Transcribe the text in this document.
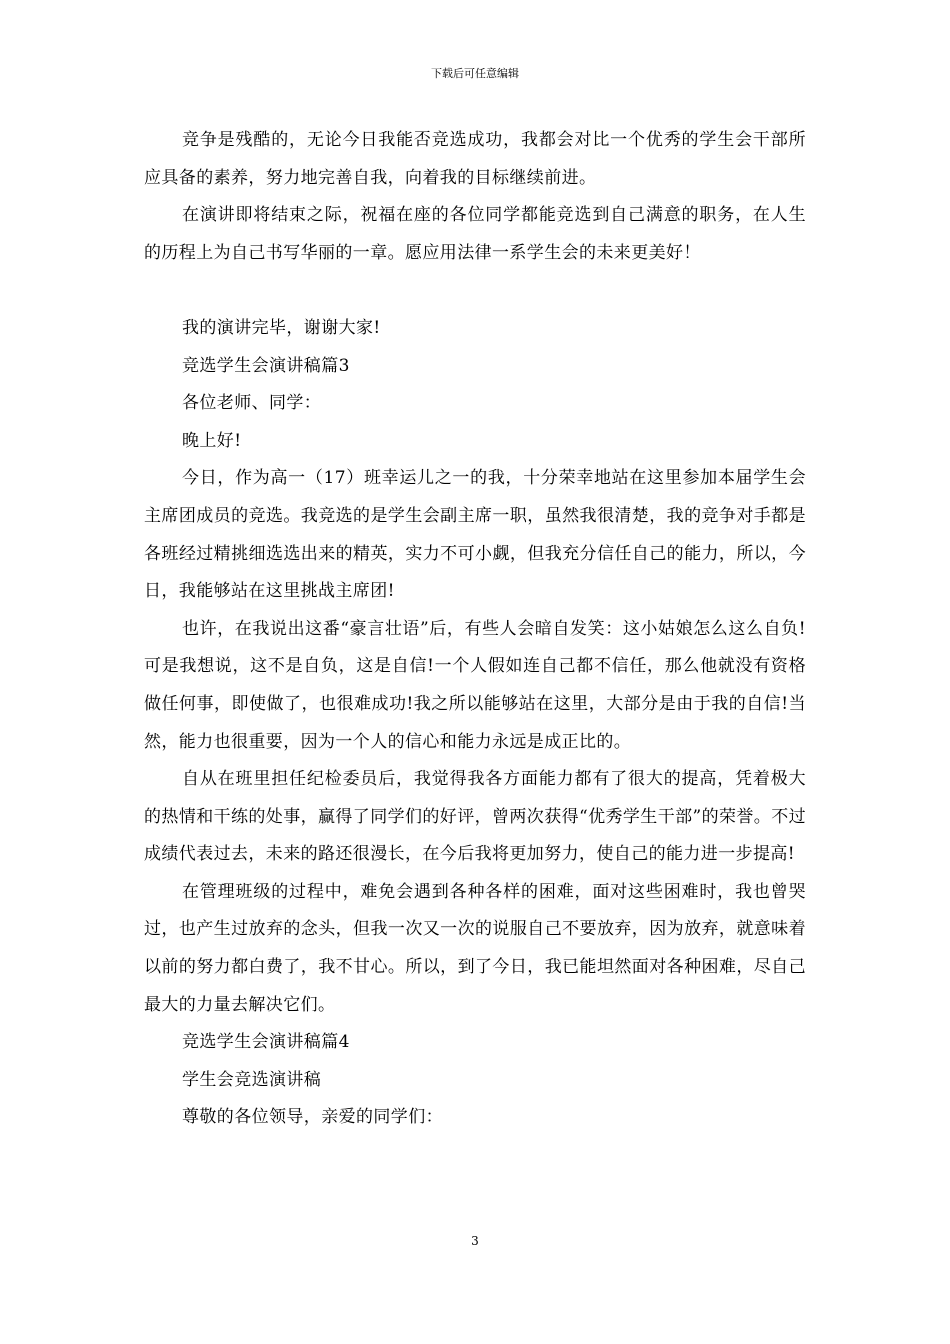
下载后可任意编辑

竞争是残酷的，无论今日我能否竞选成功，我都会对比一个优秀的学生会干部所应具备的素养，努力地完善自我，向着我的目标继续前进。

在演讲即将结束之际，祝福在座的各位同学都能竞选到自己满意的职务，在人生的历程上为自己书写华丽的一章。愿应用法律一系学生会的未来更美好！

我的演讲完毕，谢谢大家!

竞选学生会演讲稿篇3

各位老师、同学：

晚上好!

今日，作为高一（17）班幸运儿之一的我，十分荣幸地站在这里参加本届学生会主席团成员的竞选。我竞选的是学生会副主席一职，虽然我很清楚，我的竞争对手都是各班经过精挑细选选出来的精英，实力不可小觑，但我充分信任自己的能力，所以，今日，我能够站在这里挑战主席团!

也许，在我说出这番“豪言壮语”后，有些人会暗自发笑：这小姑娘怎么这么自负!可是我想说，这不是自负，这是自信!一个人假如连自己都不信任，那么他就没有资格做任何事，即使做了，也很难成功!我之所以能够站在这里，大部分是由于我的自信!当然，能力也很重要，因为一个人的信心和能力永远是成正比的。

自从在班里担任纪检委员后，我觉得我各方面能力都有了很大的提高，凭着极大的热情和干练的处事，赢得了同学们的好评，曾两次获得“优秀学生干部”的荣誉。不过成绩代表过去，未来的路还很漫长，在今后我将更加努力，使自己的能力进一步提高!

在管理班级的过程中，难免会遇到各种各样的困难，面对这些困难时，我也曾哭过，也产生过放弃的念头，但我一次又一次的说服自己不要放弃，因为放弃，就意味着以前的努力都白费了，我不甘心。所以，到了今日，我已能坦然面对各种困难，尽自己最大的力量去解决它们。

竞选学生会演讲稿篇4

学生会竞选演讲稿

尊敬的各位领导，亲爱的同学们：

3
